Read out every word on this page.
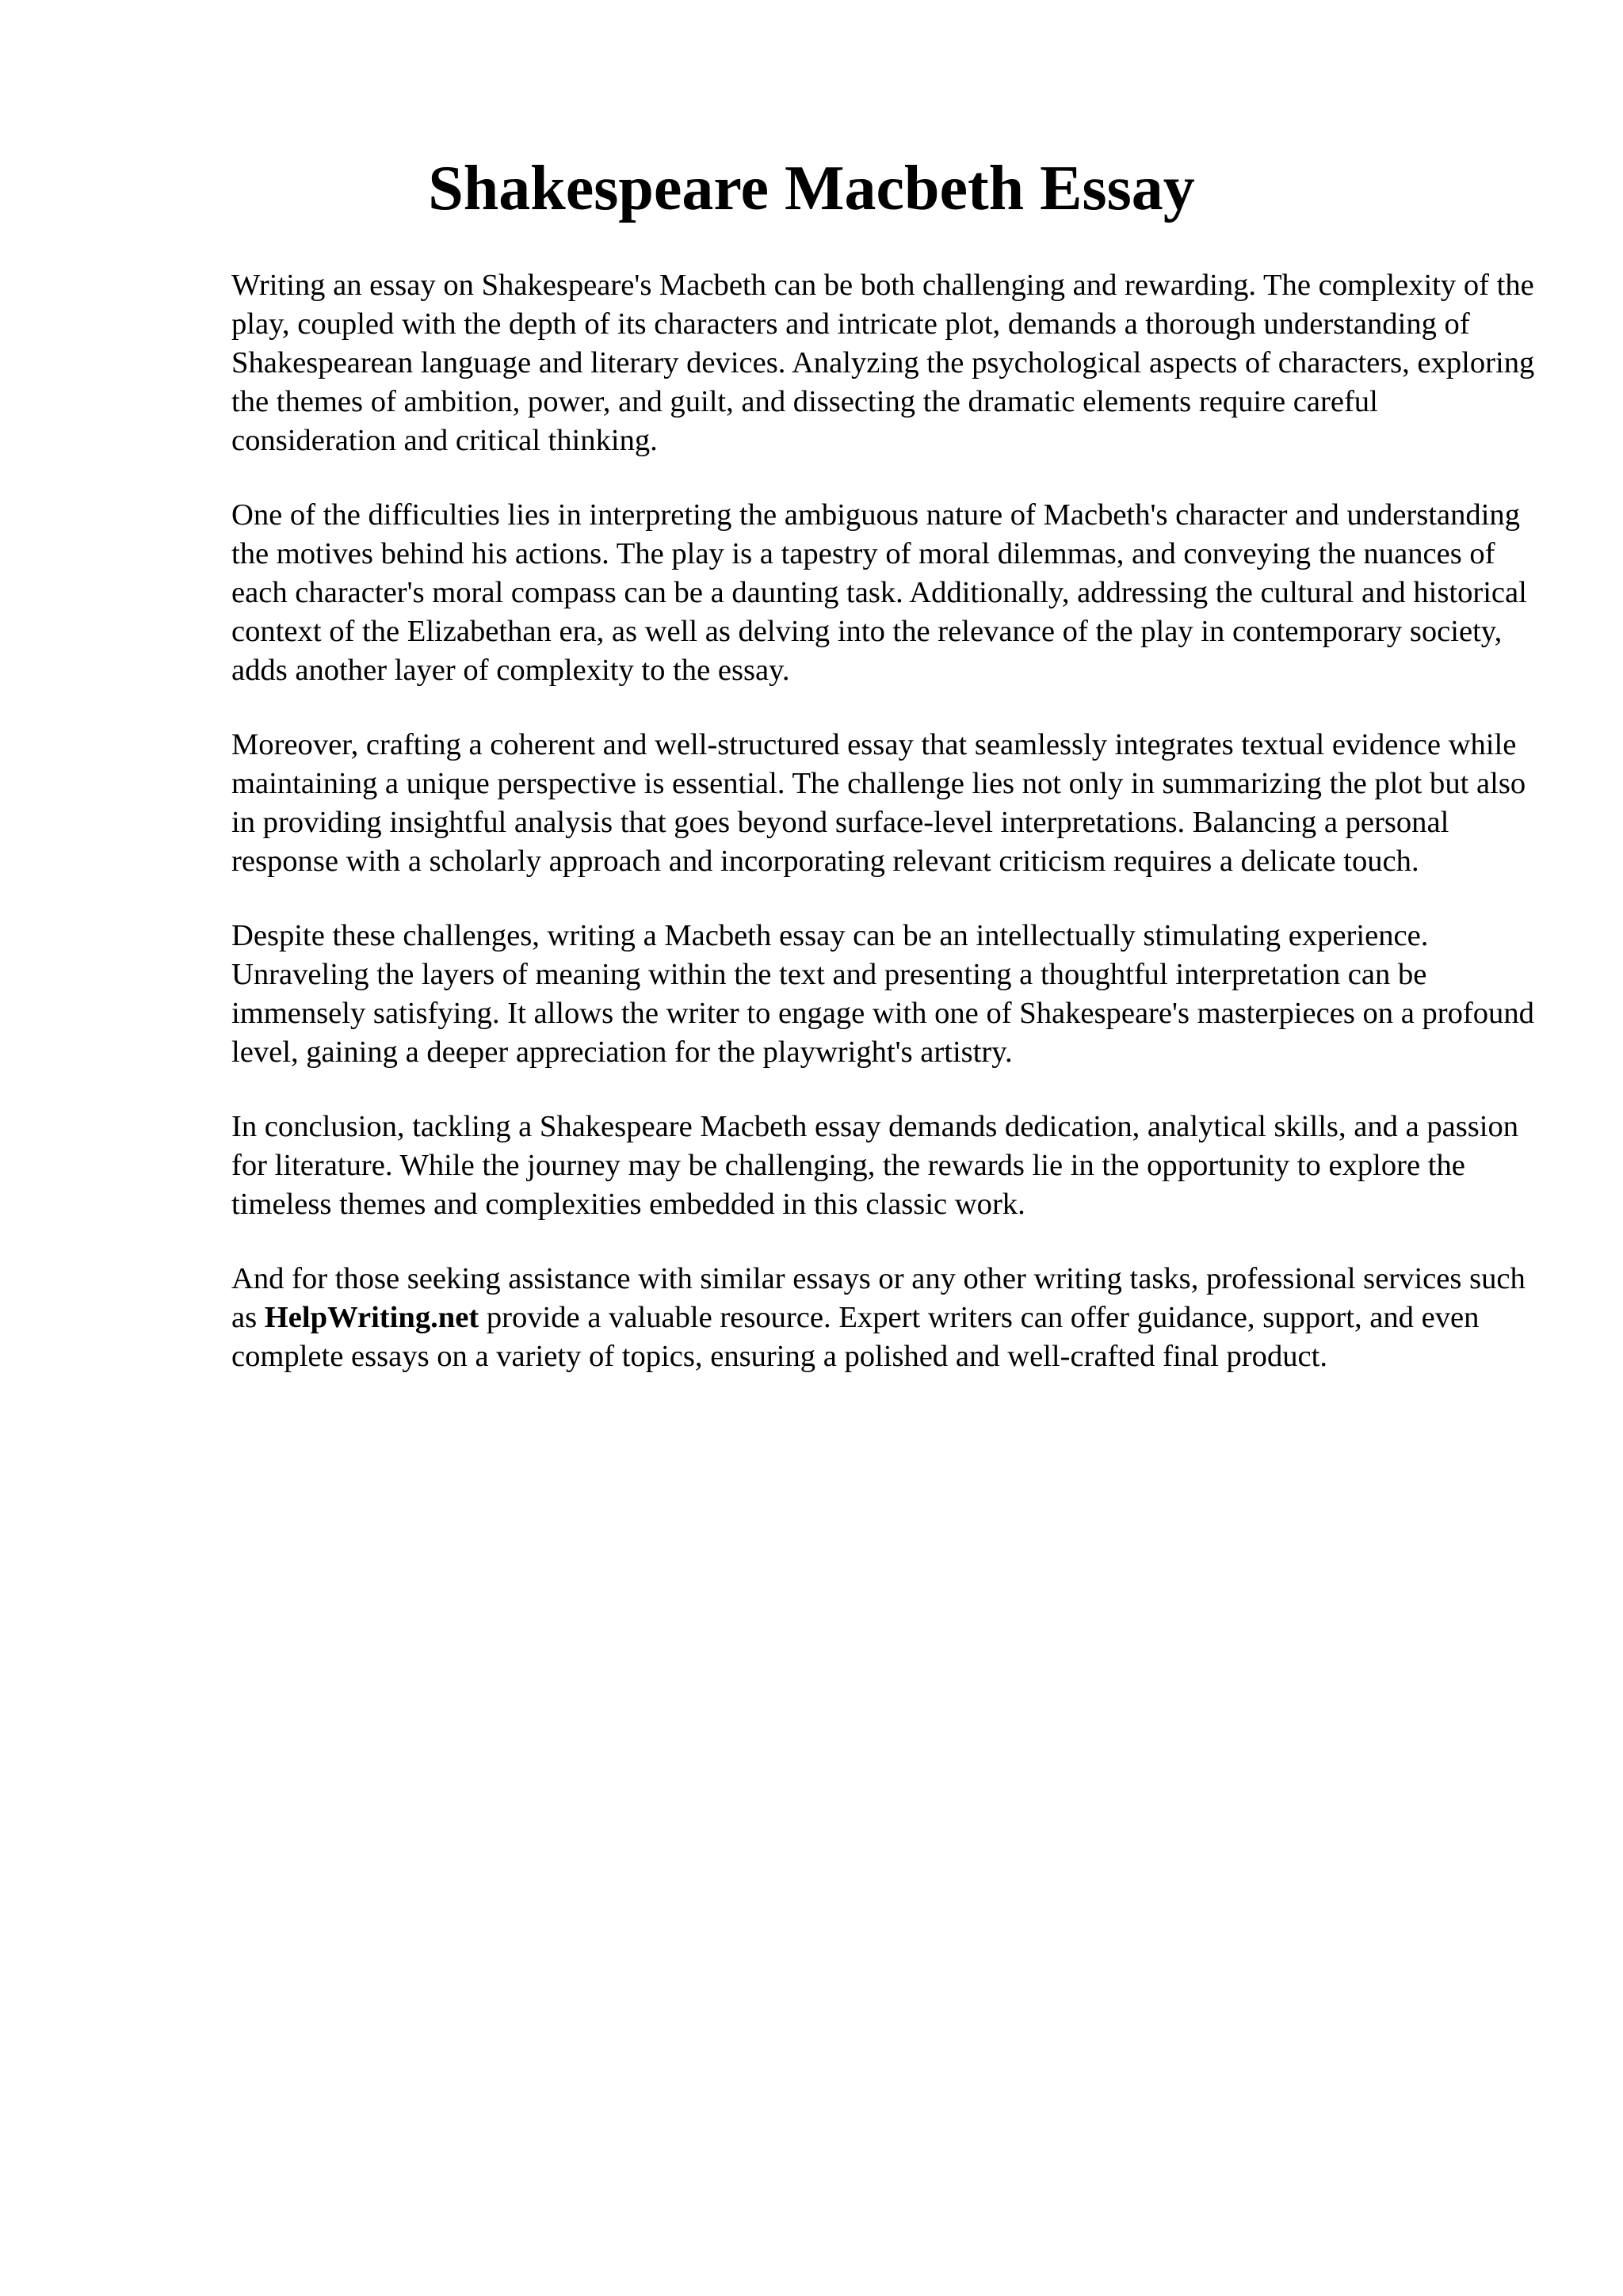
Shakespeare Macbeth Essay

Writing an essay on Shakespeare's Macbeth can be both challenging and rewarding. The complexity of the play, coupled with the depth of its characters and intricate plot, demands a thorough understanding of Shakespearean language and literary devices. Analyzing the psychological aspects of characters, exploring the themes of ambition, power, and guilt, and dissecting the dramatic elements require careful consideration and critical thinking.

One of the difficulties lies in interpreting the ambiguous nature of Macbeth's character and understanding the motives behind his actions. The play is a tapestry of moral dilemmas, and conveying the nuances of each character's moral compass can be a daunting task. Additionally, addressing the cultural and historical context of the Elizabethan era, as well as delving into the relevance of the play in contemporary society, adds another layer of complexity to the essay.

Moreover, crafting a coherent and well-structured essay that seamlessly integrates textual evidence while maintaining a unique perspective is essential. The challenge lies not only in summarizing the plot but also in providing insightful analysis that goes beyond surface-level interpretations. Balancing a personal response with a scholarly approach and incorporating relevant criticism requires a delicate touch.

Despite these challenges, writing a Macbeth essay can be an intellectually stimulating experience. Unraveling the layers of meaning within the text and presenting a thoughtful interpretation can be immensely satisfying. It allows the writer to engage with one of Shakespeare's masterpieces on a profound level, gaining a deeper appreciation for the playwright's artistry.

In conclusion, tackling a Shakespeare Macbeth essay demands dedication, analytical skills, and a passion for literature. While the journey may be challenging, the rewards lie in the opportunity to explore the timeless themes and complexities embedded in this classic work.

And for those seeking assistance with similar essays or any other writing tasks, professional services such as HelpWriting.net provide a valuable resource. Expert writers can offer guidance, support, and even complete essays on a variety of topics, ensuring a polished and well-crafted final product.
